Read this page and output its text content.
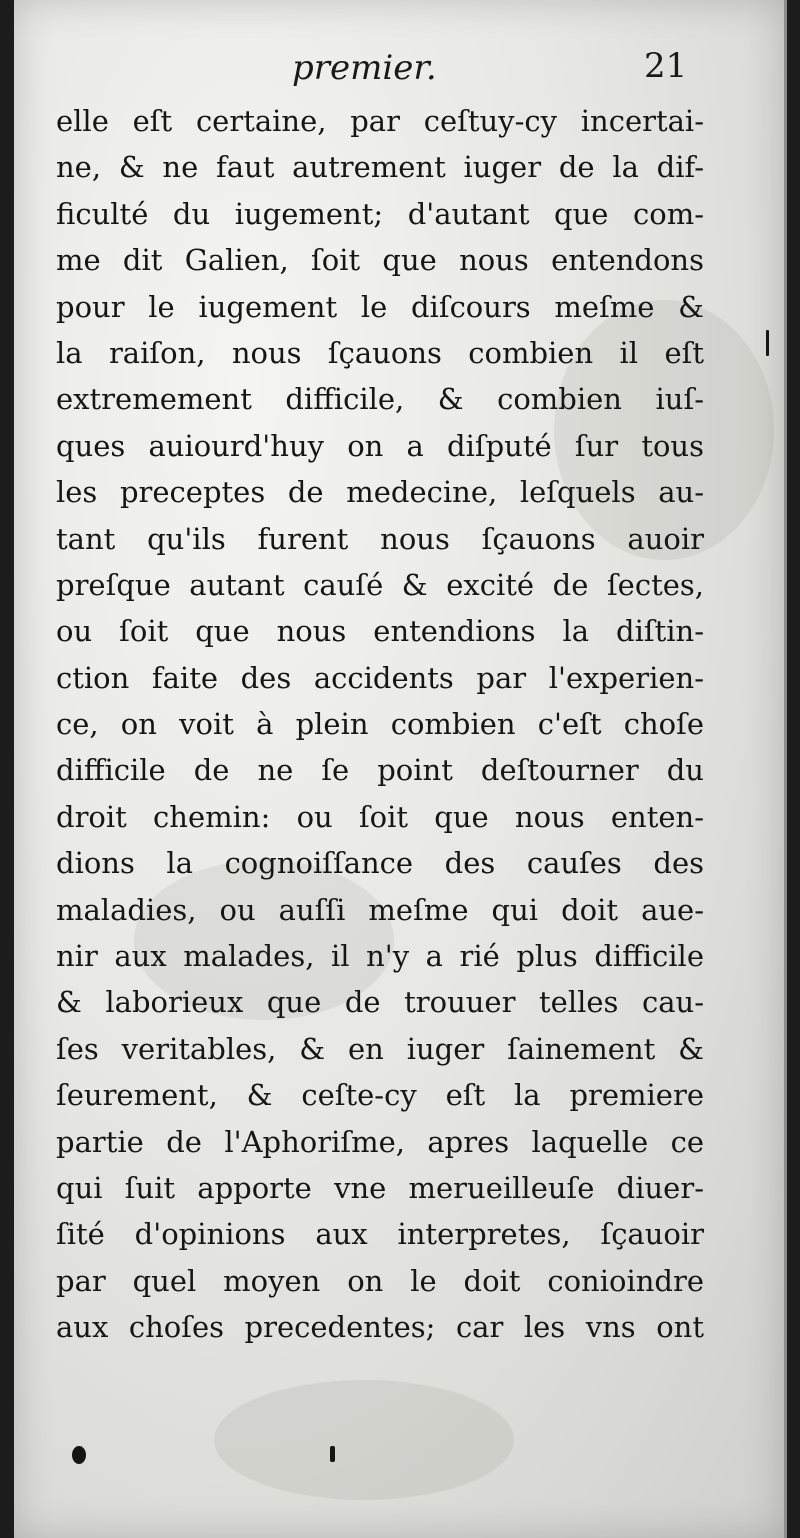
premier.	21
elle eſt certaine, par ceſtuy-cy incertai-
ne, & ne faut autrement iuger de la dif-
ficulté du iugement; d'autant que com-
me dit Galien, ſoit que nous entendons
pour le iugement le diſcours meſme &
la raiſon, nous ſçauons combien il eſt
extremement difficile, & combien iuſ-
ques auiourd'huy on a diſputé ſur tous
les preceptes de medecine, leſquels au-
tant qu'ils furent nous ſçauons auoir
preſque autant cauſé & excité de ſectes,
ou ſoit que nous entendions la diſtin-
ction faite des accidents par l'experien-
ce, on voit à plein combien c'eſt choſe
difficile de ne ſe point deſtourner du
droit chemin: ou ſoit que nous enten-
dions la cognoiſſance des cauſes des
maladies, ou auſſi meſme qui doit aue-
nir aux malades, il n'y a rié plus difficile
& laborieux que de trouuer telles cau-
ſes veritables, & en iuger ſainement &
ſeurement, & ceſte-cy eſt la premiere
partie de l'Aphoriſme, apres laquelle ce
qui ſuit apporte vne merueilleuſe diuer-
ſité d'opinions aux interpretes, ſçauoir
par quel moyen on le doit conioindre
aux choſes precedentes; car les vns ont
